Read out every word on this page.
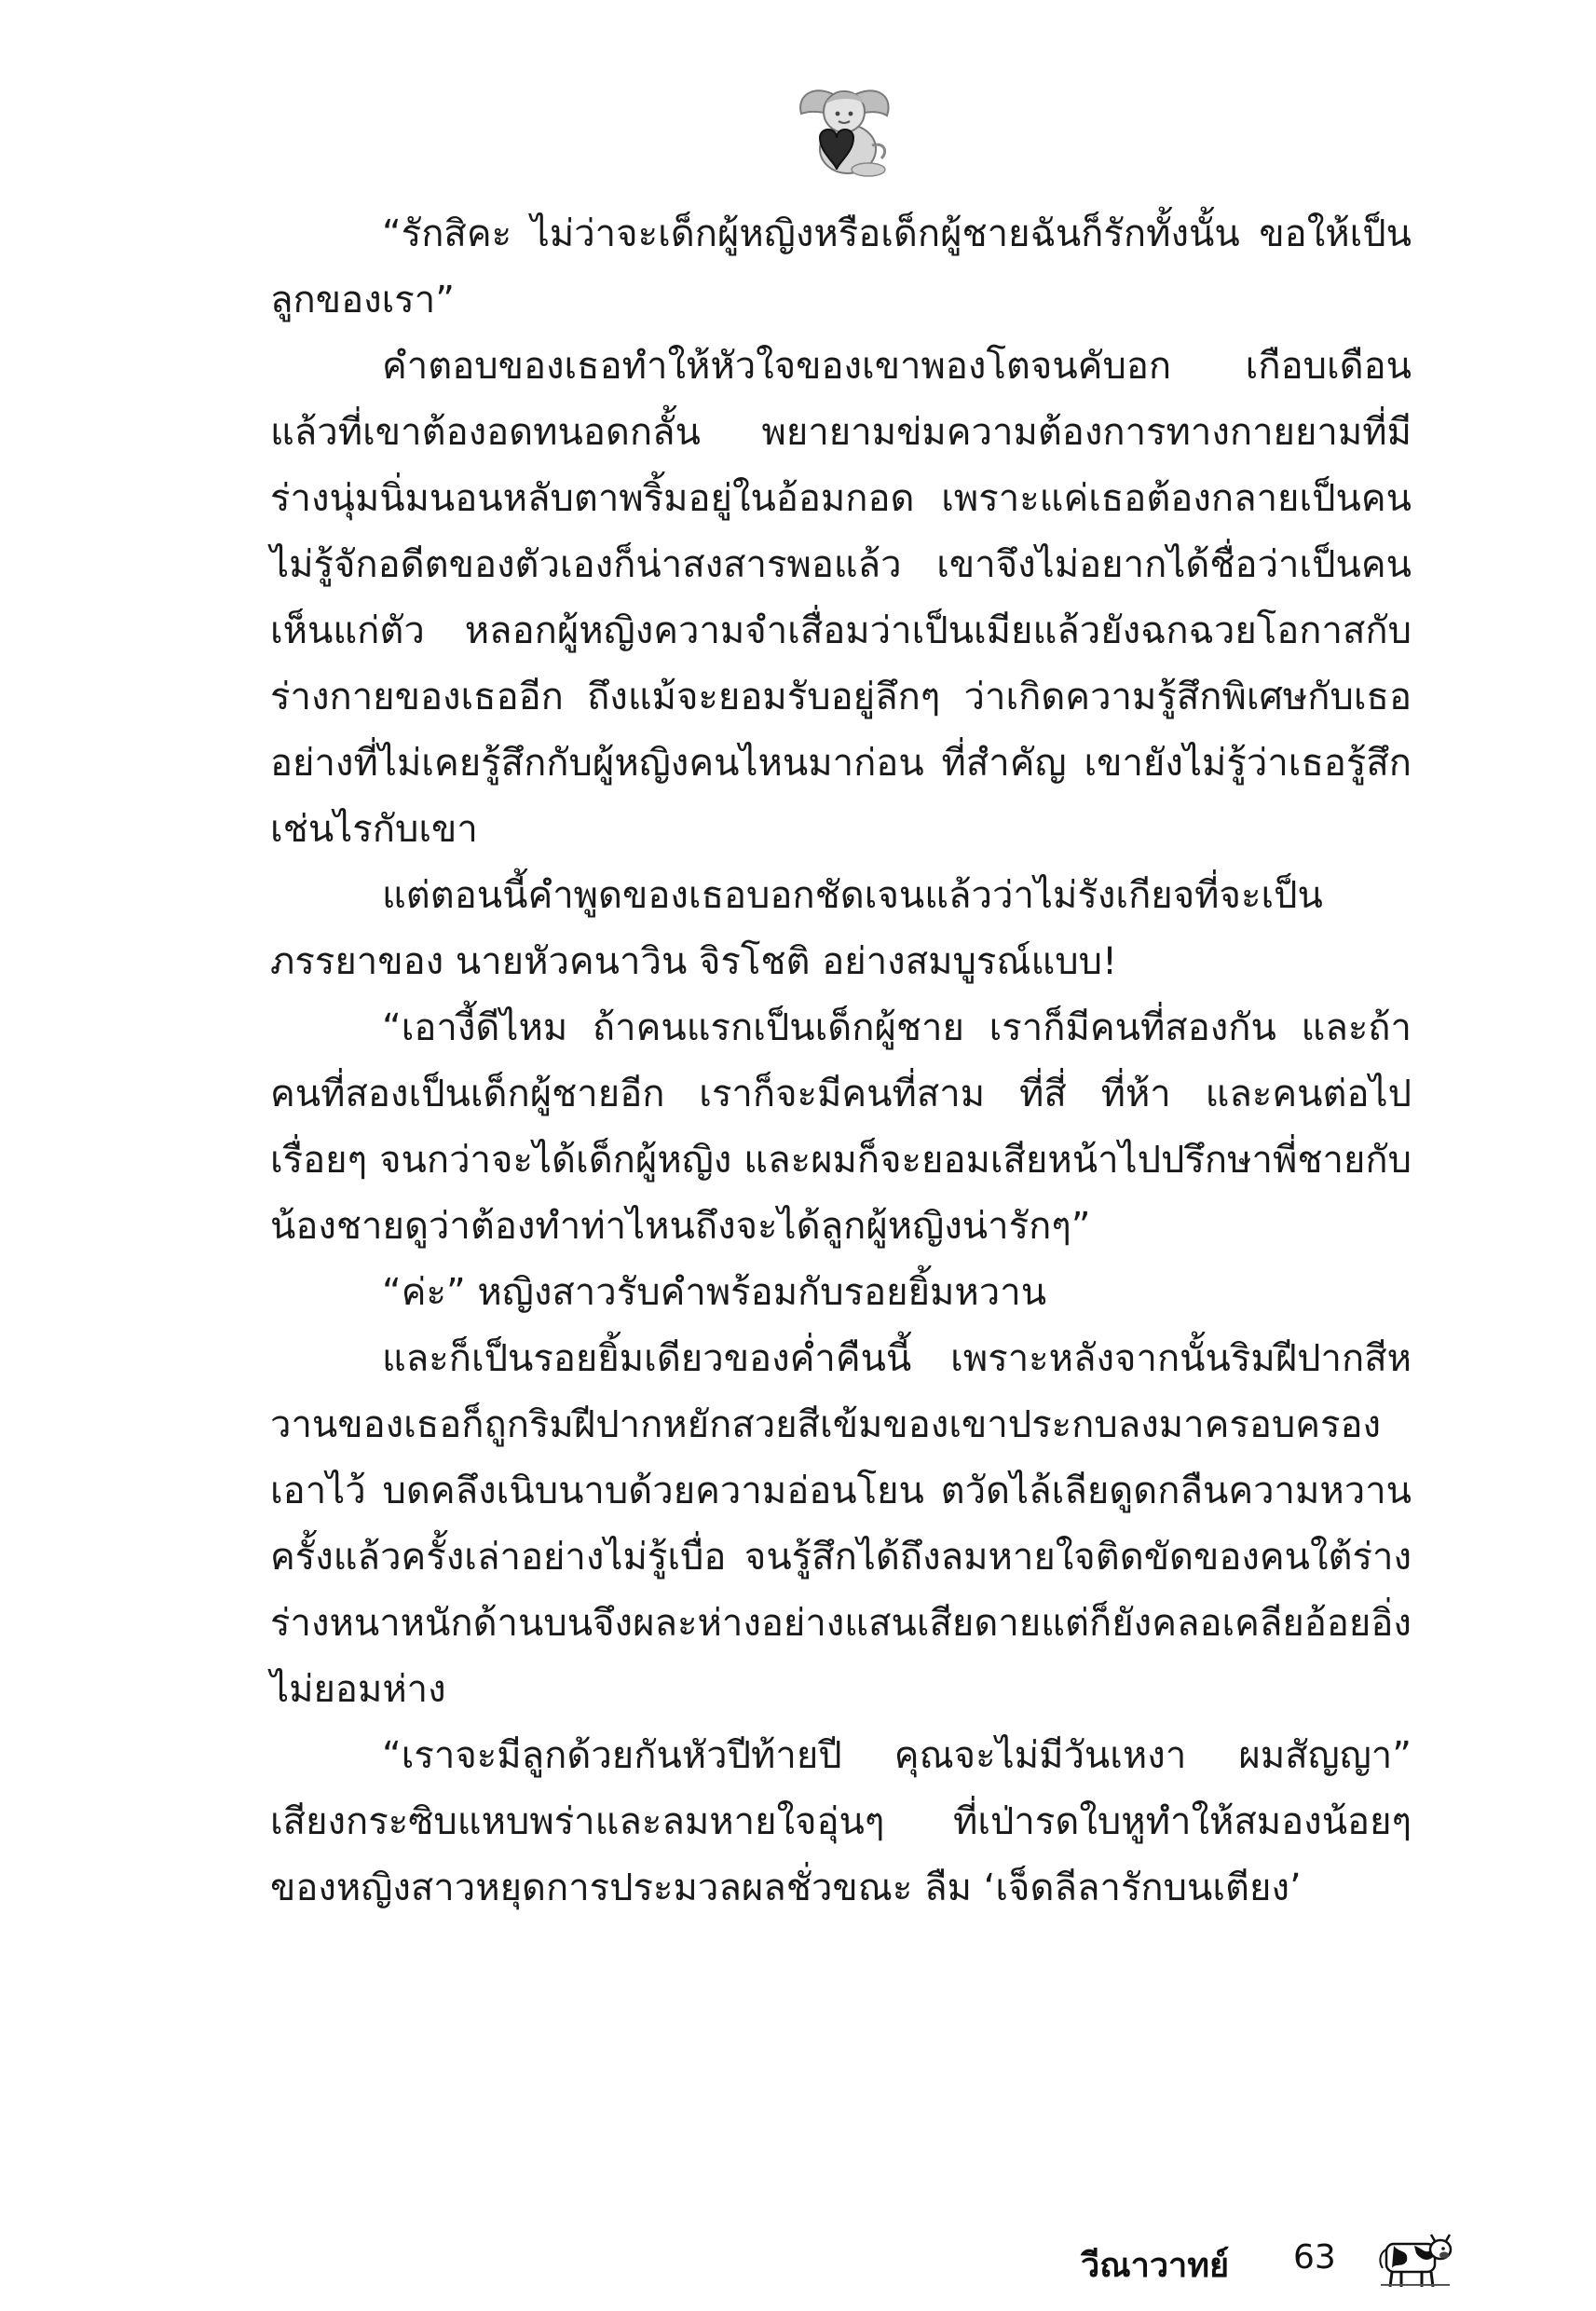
“รักสิคะ ไม่ว่าจะเด็กผู้หญิงหรือเด็กผู้ชายฉันก็รักทั้งนั้น ขอให้เป็นลูกของเรา”

คำตอบของเธอทำให้หัวใจของเขาพองโตจนคับอก เกือบเดือนแล้วที่เขาต้องอดทนอดกลั้น พยายามข่มความต้องการทางกายยามที่มีร่างนุ่มนิ่มนอนหลับตาพริ้มอยู่ในอ้อมกอด เพราะแค่เธอต้องกลายเป็นคนไม่รู้จักอดีตของตัวเองก็น่าสงสารพอแล้ว เขาจึงไม่อยากได้ชื่อว่าเป็นคนเห็นแก่ตัว หลอกผู้หญิงความจำเสื่อมว่าเป็นเมียแล้วยังฉกฉวยโอกาสกับร่างกายของเธออีก ถึงแม้จะยอมรับอยู่ลึกๆ ว่าเกิดความรู้สึกพิเศษกับเธออย่างที่ไม่เคยรู้สึกกับผู้หญิงคนไหนมาก่อน ที่สำคัญ เขายังไม่รู้ว่าเธอรู้สึกเช่นไรกับเขา

แต่ตอนนี้คำพูดของเธอบอกชัดเจนแล้วว่าไม่รังเกียจที่จะเป็นภรรยาของ นายหัวคนาวิน จิรโชติ อย่างสมบูรณ์แบบ!

“เอางี้ดีไหม ถ้าคนแรกเป็นเด็กผู้ชาย เราก็มีคนที่สองกัน และถ้าคนที่สองเป็นเด็กผู้ชายอีก เราก็จะมีคนที่สาม ที่สี่ ที่ห้า และคนต่อไปเรื่อยๆ จนกว่าจะได้เด็กผู้หญิง และผมก็จะยอมเสียหน้าไปปรึกษาพี่ชายกับน้องชายดูว่าต้องทำท่าไหนถึงจะได้ลูกผู้หญิงน่ารักๆ”

“ค่ะ” หญิงสาวรับคำพร้อมกับรอยยิ้มหวาน

และก็เป็นรอยยิ้มเดียวของค่ำคืนนี้ เพราะหลังจากนั้นริมฝีปากสีหวานของเธอก็ถูกริมฝีปากหยักสวยสีเข้มของเขาประกบลงมาครอบครองเอาไว้ บดคลึงเนิบนาบด้วยความอ่อนโยน ตวัดไล้เลียดูดกลืนความหวานครั้งแล้วครั้งเล่าอย่างไม่รู้เบื่อ จนรู้สึกได้ถึงลมหายใจติดขัดของคนใต้ร่าง ร่างหนาหนักด้านบนจึงผละห่างอย่างแสนเสียดายแต่ก็ยังคลอเคลียอ้อยอิ่งไม่ยอมห่าง

“เราจะมีลูกด้วยกันหัวปีท้ายปี คุณจะไม่มีวันเหงา ผมสัญญา” เสียงกระซิบแหบพร่าและลมหายใจอุ่นๆ ที่เป่ารดใบหูทำให้สมองน้อยๆ ของหญิงสาวหยุดการประมวลผลชั่วขณะ ลืม ‘เจ็ดลีลารักบนเตียง’

วีณาวาทย์ 63
